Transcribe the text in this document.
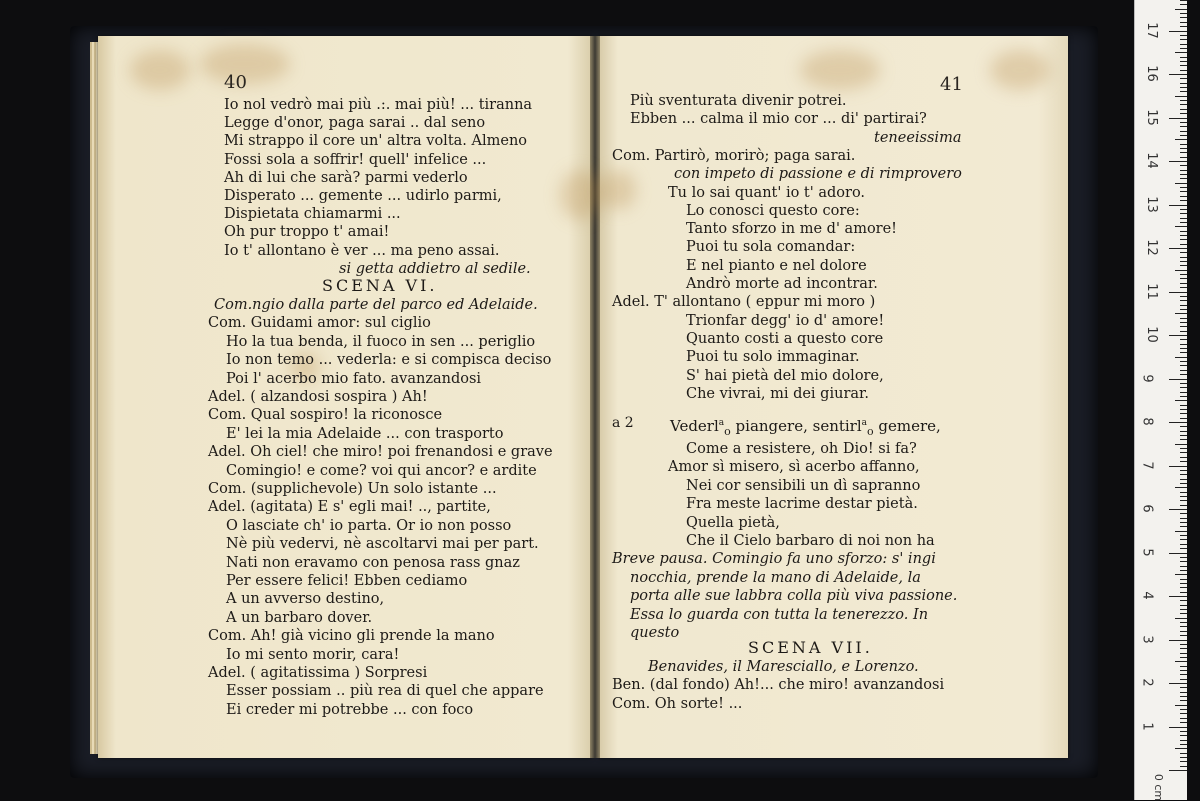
40	41
Io nol vedrò mai più .:. mai più! ... tiranna
Legge d'onor, paga sarai .. dal seno
Mi strappo il core un' altra volta. Almeno
Fossi sola a soffrir! quell' infelice ...
Ah di lui che sarà? parmi vederlo
Disperato ... gemente ... udirlo parmi,
Dispietata chiamarmi ...
Oh pur troppo t' amai!
Io t' allontano è ver ... ma peno assai.
si getta addietro al sedile.
Com.ngio dalla parte del parco ed Adelaide.
Com. Guidami amor: sul ciglio
Ho la tua benda, il fuoco in sen ... periglio
Io non temo ... vederla: e si compisca deciso
Poi l' acerbo mio fato. avanzandosi
Adel. ( alzandosi sospira ) Ah!
Com. Qual sospiro! la riconosce
E' lei la mia Adelaide ... con trasporto
Adel. Oh ciel! che miro! poi frenandosi e grave
Comingio! e come? voi qui ancor? e ardite
Com. (supplichevole) Un solo istante ...
Adel. (agitata) E s' egli mai! .., partite,
O lasciate ch' io parta. Or io non posso
Nè più vedervi, nè ascoltarvi mai per part.
Nati non eravamo con penosa rass gnaz
Per essere felici! Ebben cediamo
A un avverso destino,
A un barbaro dover.
Com. Ah! già vicino gli prende la mano
Io mi sento morir, cara!
Adel. ( agitatissima ) Sorpresi
Esser possiam .. più rea di quel che appare
Ei creder mi potrebbe ... con foco
Più sventurata divenir potrei.
Ebben ... calma il mio cor ... di' partirai?
teneeissima
Com. Partirò, morirò; paga sarai.
con impeto di passione e di rimprovero
Tu lo sai quant' io t' adoro.
Lo conosci questo core:
Tanto sforzo in me d' amore!
Puoi tu sola comandar:
E nel pianto e nel dolore
Andrò morte ad incontrar.
Adel. T' allontano ( eppur mi moro )
Trionfar degg' io d' amore!
Quanto costi a questo core
Puoi tu solo immaginar.
S' hai pietà del mio dolore,
Che vivrai, mi dei giurar.
Come a resistere, oh Dio! si fa?
Amor sì misero, sì acerbo affanno,
Nei cor sensibili un dì sapranno
Fra meste lacrime destar pietà.
Quella pietà,
Che il Cielo barbaro di noi non ha
Breve pausa. Comingio fa uno sforzo: s' ingi
nocchia, prende la mano di Adelaide, la
porta alle sue labbra colla più viva passione.
Essa lo guarda con tutta la tenerezzo. In
questo
Benavides, il Maresciallo, e Lorenzo.
Ben. (dal fondo) Ah!... che miro! avanzandosi
Com. Oh sorte! ...
SCENA VI.
SCENA VII.
a 2 Vederl$^a_o$ piangere, sentirl$^a_o$ gemere,
0 cm
1
2
3
4
5
6
7
8
9
10
11
12
13
14
15
16
17
